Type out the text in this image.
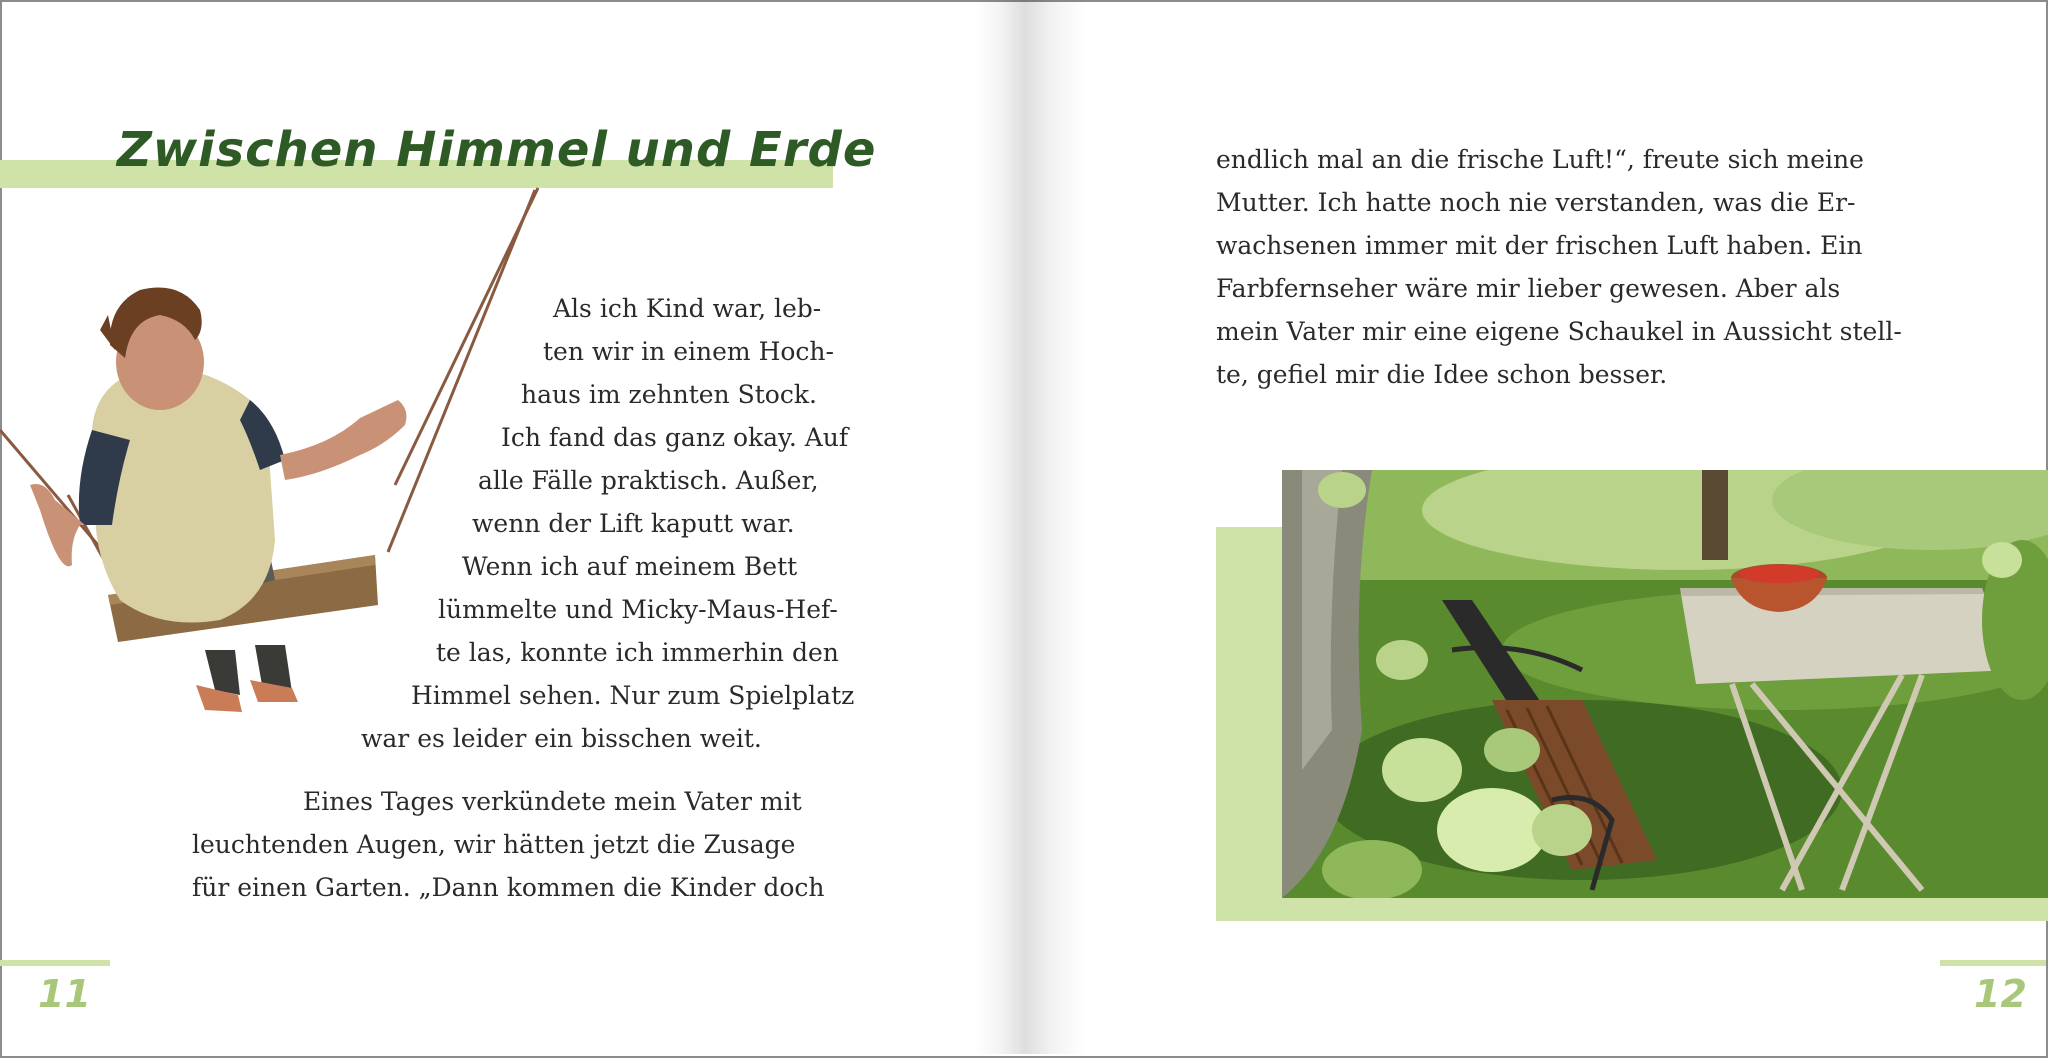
Zwischen Himmel und Erde
Als ich Kind war, leb-
ten wir in einem Hoch-
haus im zehnten Stock.
Ich fand das ganz okay. Auf
alle Fälle praktisch. Außer,
wenn der Lift kaputt war.
Wenn ich auf meinem Bett
lümmelte und Micky-Maus-Hef-
te las, konnte ich immerhin den
Himmel sehen. Nur zum Spielplatz
war es leider ein bisschen weit.
Eines Tages verkündete mein Vater mit
leuchtenden Augen, wir hätten jetzt die Zusage
für einen Garten. „Dann kommen die Kinder doch
11
endlich mal an die frische Luft!“, freute sich meine
Mutter. Ich hatte noch nie verstanden, was die Er-
wachsenen immer mit der frischen Luft haben. Ein
Farbfernseher wäre mir lieber gewesen. Aber als
mein Vater mir eine eigene Schaukel in Aussicht stell-
te, gefiel mir die Idee schon besser.
12
